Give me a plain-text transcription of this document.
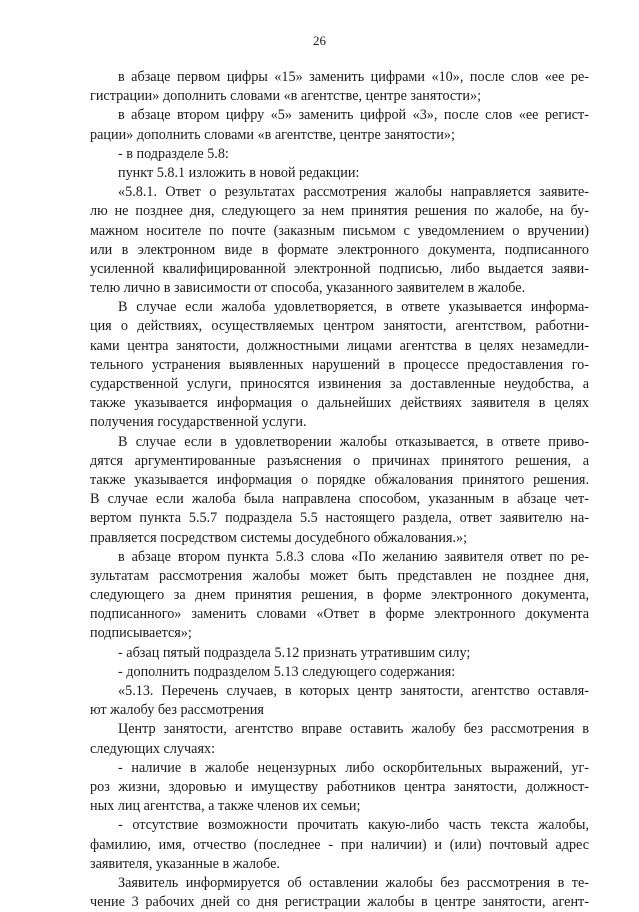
26
в абзаце первом цифры «15» заменить цифрами «10», после слов «ее ре-
гистрации» дополнить словами «в агентстве, центре занятости»;
в абзаце втором цифру «5» заменить цифрой «3», после слов «ее регист-
рации» дополнить словами «в агентстве, центре занятости»;
- в подразделе 5.8:
пункт 5.8.1 изложить в новой редакции:
«5.8.1. Ответ о результатах рассмотрения жалобы направляется заявите-
лю не позднее дня, следующего за нем принятия решения по жалобе, на бу-
мажном носителе по почте (заказным письмом с уведомлением о вручении)
или в электронном виде в формате электронного документа, подписанного
усиленной квалифицированной электронной подписью, либо выдается заяви-
телю лично в зависимости от способа, указанного заявителем в жалобе.
В случае если жалоба удовлетворяется, в ответе указывается информа-
ция о действиях, осуществляемых центром занятости, агентством, работни-
ками центра занятости, должностными лицами агентства в целях незамедли-
тельного устранения выявленных нарушений в процессе предоставления го-
сударственной услуги, приносятся извинения за доставленные неудобства, а
также указывается информация о дальнейших действиях заявителя в целях
получения государственной услуги.
В случае если в удовлетворении жалобы отказывается, в ответе приво-
дятся аргументированные разъяснения о причинах принятого решения, а
также указывается информация о порядке обжалования принятого решения.
В случае если жалоба была направлена способом, указанным в абзаце чет-
вертом пункта 5.5.7 подраздела 5.5 настоящего раздела, ответ заявителю на-
правляется посредством системы досудебного обжалования.»;
в абзаце втором пункта 5.8.3 слова «По желанию заявителя ответ по ре-
зультатам рассмотрения жалобы может быть представлен не позднее дня,
следующего за днем принятия решения, в форме электронного документа,
подписанного» заменить словами «Ответ в форме электронного документа
подписывается»;
- абзац пятый подраздела 5.12 признать утратившим силу;
- дополнить подразделом 5.13 следующего содержания:
«5.13. Перечень случаев, в которых центр занятости, агентство оставля-
ют жалобу без рассмотрения
Центр занятости, агентство вправе оставить жалобу без рассмотрения в
следующих случаях:
- наличие в жалобе нецензурных либо оскорбительных выражений, уг-
роз жизни, здоровью и имуществу работников центра занятости, должност-
ных лиц агентства, а также членов их семьи;
- отсутствие возможности прочитать какую-либо часть текста жалобы,
фамилию, имя, отчество (последнее - при наличии) и (или) почтовый адрес
заявителя, указанные в жалобе.
Заявитель информируется об оставлении жалобы без рассмотрения в те-
чение 3 рабочих дней со дня регистрации жалобы в центре занятости, агент-
